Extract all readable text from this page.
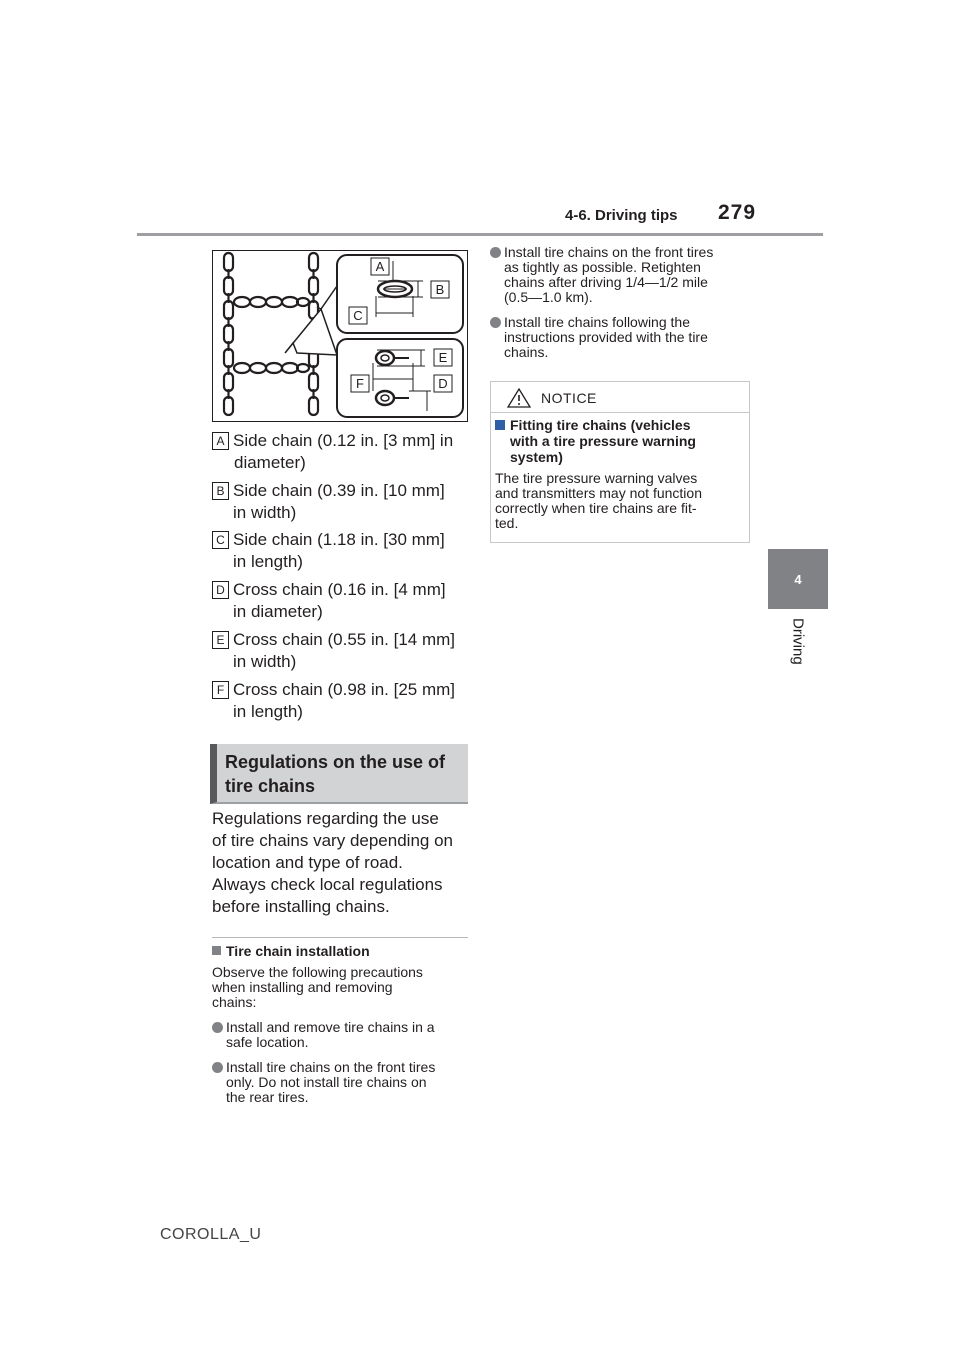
4-6. Driving tips 279
4
Driving
A
B
C
E
F	D
A Side chain (0.12 in. [3 mm] in
diameter)
B Side chain (0.39 in. [10 mm]
in width)
C Side chain (1.18 in. [30 mm]
in length)
D Cross chain (0.16 in. [4 mm]
in diameter)
E Cross chain (0.55 in. [14 mm]
in width)
F Cross chain (0.98 in. [25 mm]
in length)
Regulations on the use of
tire chains
Regulations regarding the use
of tire chains vary depending on
location and type of road.
Always check local regulations
before installing chains.
Tire chain installation
Observe the following precautions
when installing and removing
chains:
Install and remove tire chains in a
safe location.
Install tire chains on the front tires
only. Do not install tire chains on
the rear tires.
Install tire chains on the front tires
as tightly as possible. Retighten
chains after driving 1/4—1/2 mile
(0.5—1.0 km).
Install tire chains following the
instructions provided with the tire
chains.
NOTICE
Fitting tire chains (vehicles
with a tire pressure warning
system)
The tire pressure warning valves
and transmitters may not function
correctly when tire chains are fit-
ted.
COROLLA_U
